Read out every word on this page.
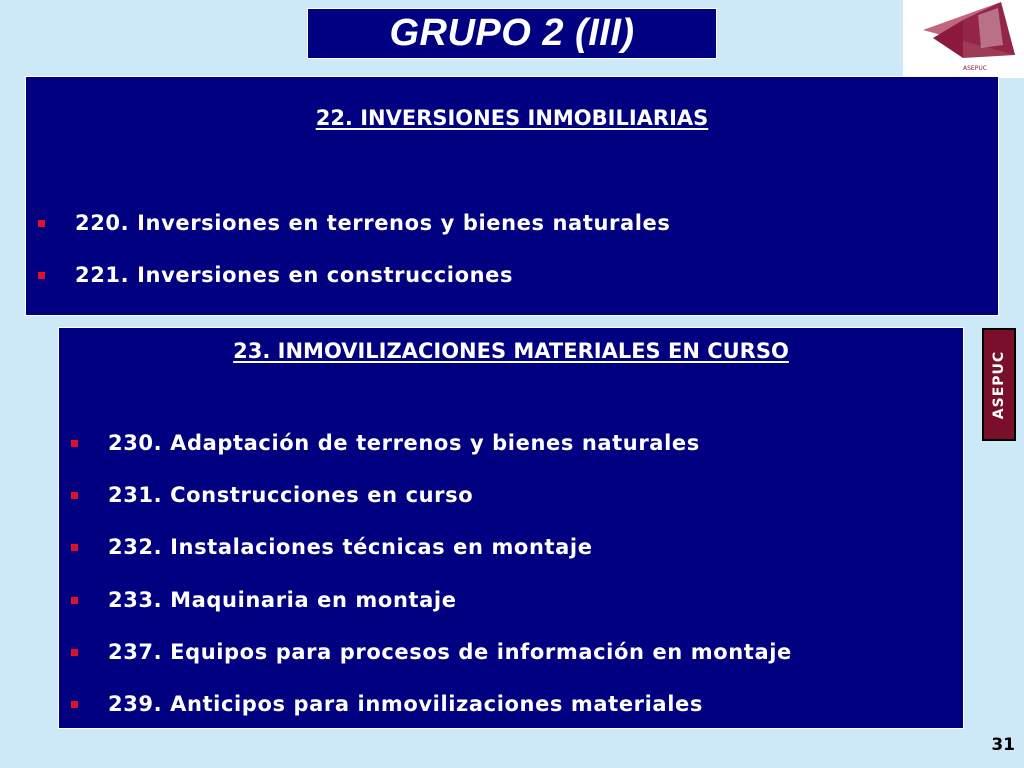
GRUPO 2 (III)
ASEPUC
22. INVERSIONES INMOBILIARIAS
220. Inversiones en terrenos y bienes naturales
221. Inversiones en construcciones
23. INMOVILIZACIONES MATERIALES EN CURSO
230. Adaptación de terrenos y bienes naturales
231. Construcciones en curso
232. Instalaciones técnicas en montaje
233. Maquinaria en montaje
237. Equipos para procesos de información en montaje
239. Anticipos para inmovilizaciones materiales
ASEPUC
31
